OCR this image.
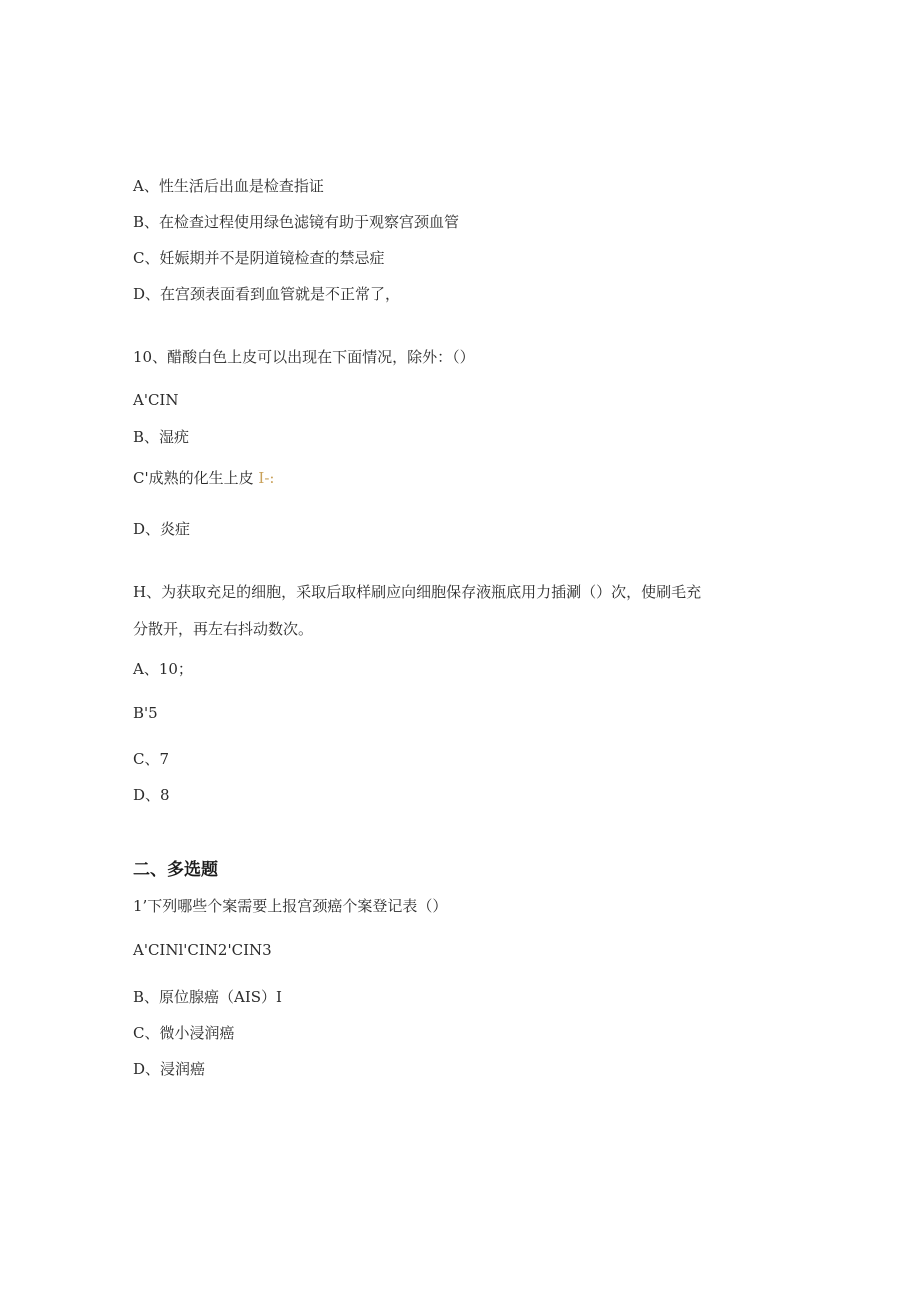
A、性生活后出血是检查指证
B、在检查过程使用绿色滤镜有助于观察宫颈血管
C、妊娠期并不是阴道镜检查的禁忌症
D、在宫颈表面看到血管就是不正常了，
10、醋酸白色上皮可以出现在下面情况，除外：（）
A'CIN
B、湿疣
C'成熟的化生上皮 I-:
D、炎症
H、为获取充足的细胞，采取后取样刷应向细胞保存液瓶底用力插涮（）次，使刷毛充
分散开，再左右抖动数次。
A、10；
B'5
C、7
D、8
二、多选题
1’下列哪些个案需要上报宫颈癌个案登记表（）
A'CINl'CIN2'CIN3
B、原位腺癌（AIS）I
C、微小浸润癌
D、浸润癌
